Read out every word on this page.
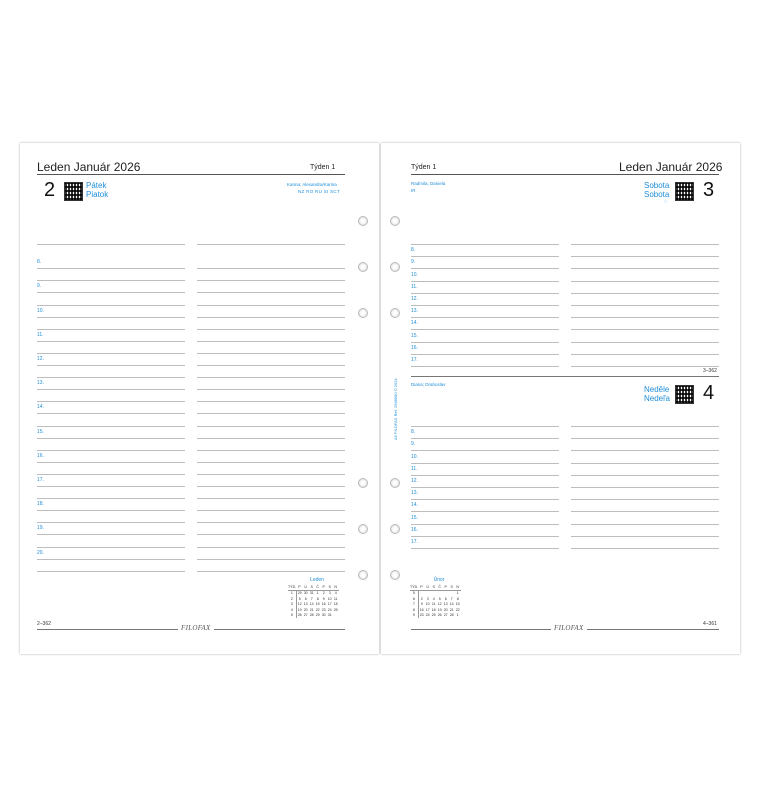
Leden Január 2026	Týden 1
2	Pátek
Piatok
Karina; Alexandra/Karina
NZ RO RU SI SCT
8.
9.
10.
11.
12.
13.
14.
15.
16.
17.
18.
19.
20.
Leden
TÝD.	P	Ú	S	Č	P	S	N
1	29	30	31	1	2	3	4
2	5	6	7	8	9	10	11
3	12	13	14	15	16	17	18
4	19	20	21	22	23	24	25
5	26	27	28	29	30	31	
2–362	FILOFAX
Týden 1	Leden Január 2026
Radmila; Daniela
IR
Sobota
Sobota 3
◌
8.
9.
10.
11.
12.
13.
14.
15.
16.
17.
3–362
Diana; Drahoslav
Neděle
Nedeľa 4
8.
9.
10.
11.
12.
13.
14.
15.
16.
17.
Únor
TÝD.	P	Ú	S	Č	P	S	N
5							1
6	2	3	4	5	6	7	8
7	9	10	11	12	13	14	15
8	16	17	18	19	20	21	22
9	23	24	25	26	27	28	1
4–361
FILOFAX
A5 FILOFAX Ref. 2568580 © 2024
